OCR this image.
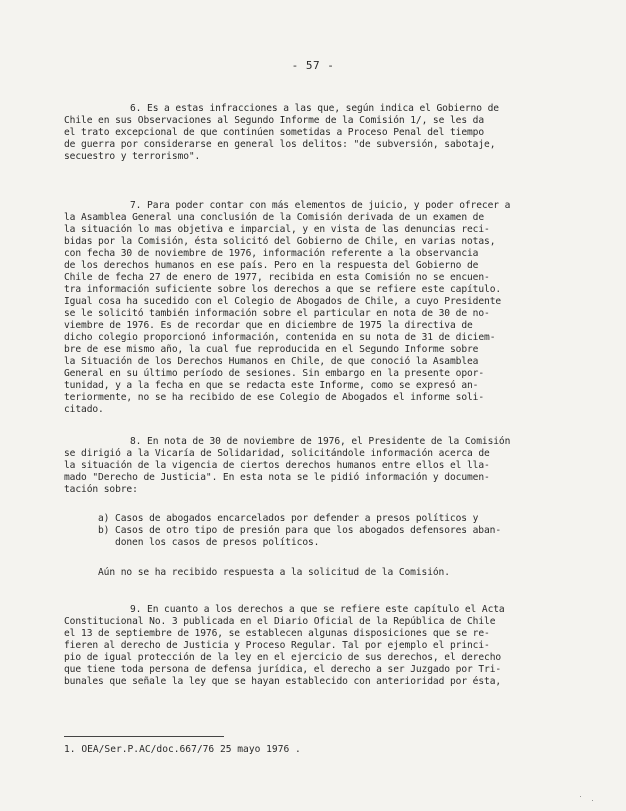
- 57 -
6. Es a estas infracciones a las que, según indica el Gobierno de
Chile en sus Observaciones al Segundo Informe de la Comisión 1/, se les da
el trato excepcional de que continúen sometidas a Proceso Penal del tiempo
de guerra por considerarse en general los delitos: "de subversión, sabotaje,
secuestro y terrorismo".
7. Para poder contar con más elementos de juicio, y poder ofrecer a
la Asamblea General una conclusión de la Comisión derivada de un examen de
la situación lo mas objetiva e imparcial, y en vista de las denuncias reci-
bidas por la Comisión, ésta solicitó del Gobierno de Chile, en varias notas,
con fecha 30 de noviembre de 1976, información referente a la observancia
de los derechos humanos en ese país. Pero en la respuesta del Gobierno de
Chile de fecha 27 de enero de 1977, recibida en esta Comisión no se encuen-
tra información suficiente sobre los derechos a que se refiere este capítulo.
Igual cosa ha sucedido con el Colegio de Abogados de Chile, a cuyo Presidente
se le solicitó también información sobre el particular en nota de 30 de no-
viembre de 1976. Es de recordar que en diciembre de 1975 la directiva de
dicho colegio proporcionó información, contenida en su nota de 31 de diciem-
bre de ese mismo año, la cual fue reproducida en el Segundo Informe sobre
la Situación de los Derechos Humanos en Chile, de que conoció la Asamblea
General en su último período de sesiones. Sin embargo en la presente opor-
tunidad, y a la fecha en que se redacta este Informe, como se expresó an-
teriormente, no se ha recibido de ese Colegio de Abogados el informe soli-
citado.
8. En nota de 30 de noviembre de 1976, el Presidente de la Comisión
se dirigió a la Vicaría de Solidaridad, solicitándole información acerca de
la situación de la vigencia de ciertos derechos humanos entre ellos el lla-
mado "Derecho de Justicia". En esta nota se le pidió información y documen-
tación sobre:
a) Casos de abogados encarcelados por defender a presos políticos y
b) Casos de otro tipo de presión para que los abogados defensores aban-
donen los casos de presos políticos.
Aún no se ha recibido respuesta a la solicitud de la Comisión.
9. En cuanto a los derechos a que se refiere este capítulo el Acta
Constitucional No. 3 publicada en el Diario Oficial de la República de Chile
el 13 de septiembre de 1976, se establecen algunas disposiciones que se re-
fieren al derecho de Justicia y Proceso Regular. Tal por ejemplo el princi-
pio de igual protección de la ley en el ejercicio de sus derechos, el derecho
que tiene toda persona de defensa jurídica, el derecho a ser Juzgado por Tri-
bunales que señale la ley que se hayan establecido con anterioridad por ésta,
1. OEA/Ser.P.AC/doc.667/76 25 mayo 1976 .
